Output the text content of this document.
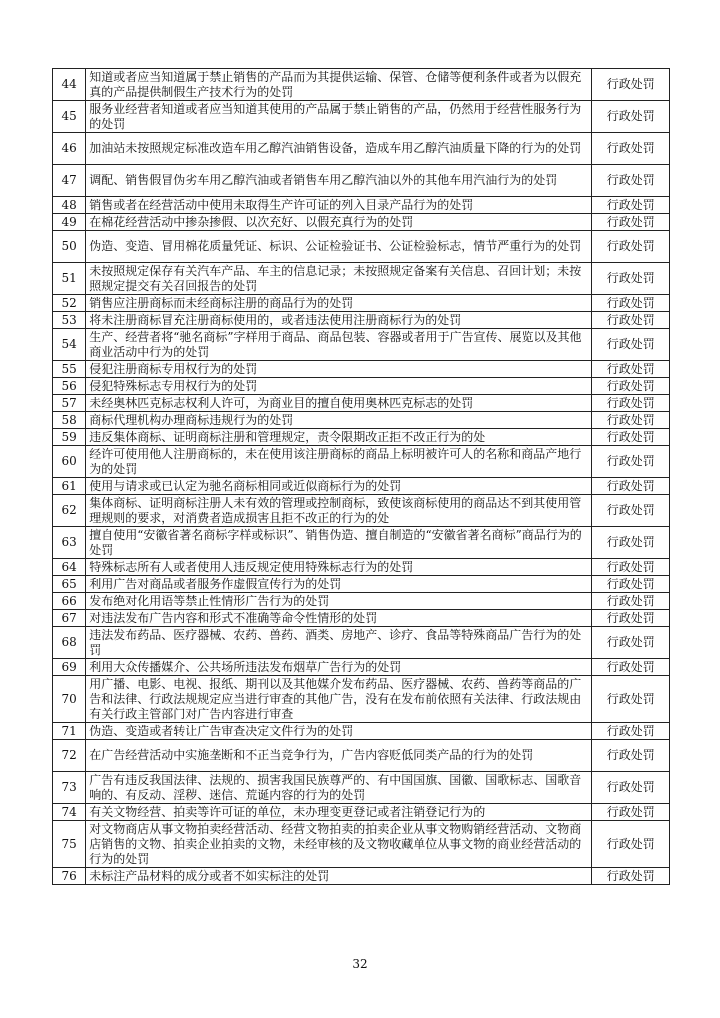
44	知道或者应当知道属于禁止销售的产品而为其提供运输、保管、仓储等便利条件或者为以假充真的产品提供制假生产技术行为的处罚	行政处罚
45	服务业经营者知道或者应当知道其使用的产品属于禁止销售的产品，仍然用于经营性服务行为的处罚	行政处罚
46	加油站未按照规定标准改造车用乙醇汽油销售设备，造成车用乙醇汽油质量下降的行为的处罚	行政处罚
47	调配、销售假冒伪劣车用乙醇汽油或者销售车用乙醇汽油以外的其他车用汽油行为的处罚	行政处罚
48	销售或者在经营活动中使用未取得生产许可证的列入目录产品行为的处罚	行政处罚
49	在棉花经营活动中掺杂掺假、以次充好、以假充真行为的处罚	行政处罚
50	伪造、变造、冒用棉花质量凭证、标识、公证检验证书、公证检验标志，情节严重行为的处罚	行政处罚
51	未按照规定保存有关汽车产品、车主的信息记录；未按照规定备案有关信息、召回计划；未按照规定提交有关召回报告的处罚	行政处罚
52	销售应注册商标而未经商标注册的商品行为的处罚	行政处罚
53	将未注册商标冒充注册商标使用的，或者违法使用注册商标行为的处罚	行政处罚
54	生产、经营者将“驰名商标”字样用于商品、商品包装、容器或者用于广告宣传、展览以及其他商业活动中行为的处罚	行政处罚
55	侵犯注册商标专用权行为的处罚	行政处罚
56	侵犯特殊标志专用权行为的处罚	行政处罚
57	未经奥林匹克标志权利人许可，为商业目的擅自使用奥林匹克标志的处罚	行政处罚
58	商标代理机构办理商标违规行为的处罚	行政处罚
59	违反集体商标、证明商标注册和管理规定，责令限期改正拒不改正行为的处	行政处罚
60	经许可使用他人注册商标的，未在使用该注册商标的商品上标明被许可人的名称和商品产地行为的处罚	行政处罚
61	使用与请求或已认定为驰名商标相同或近似商标行为的处罚	行政处罚
62	集体商标、证明商标注册人未有效的管理或控制商标，致使该商标使用的商品达不到其使用管理规则的要求，对消费者造成损害且拒不改正的行为的处	行政处罚
63	擅自使用“安徽省著名商标字样或标识”、销售伪造、擅自制造的“安徽省著名商标”商品行为的处罚	行政处罚
64	特殊标志所有人或者使用人违反规定使用特殊标志行为的处罚	行政处罚
65	利用广告对商品或者服务作虚假宣传行为的处罚	行政处罚
66	发布绝对化用语等禁止性情形广告行为的处罚	行政处罚
67	对违法发布广告内容和形式不准确等命令性情形的处罚	行政处罚
68	违法发布药品、医疗器械、农药、兽药、酒类、房地产、诊疗、食品等特殊商品广告行为的处罚	行政处罚
69	利用大众传播媒介、公共场所违法发布烟草广告行为的处罚	行政处罚
70	用广播、电影、电视、报纸、期刊以及其他媒介发布药品、医疗器械、农药、兽药等商品的广告和法律、行政法规规定应当进行审查的其他广告，没有在发布前依照有关法律、行政法规由有关行政主管部门对广告内容进行审查	行政处罚
71	伪造、变造或者转让广告审查决定文件行为的处罚	行政处罚
72	在广告经营活动中实施垄断和不正当竞争行为，广告内容贬低同类产品的行为的处罚	行政处罚
73	广告有违反我国法律、法规的、损害我国民族尊严的、有中国国旗、国徽、国歌标志、国歌音响的、有反动、淫秽、迷信、荒诞内容的行为的处罚	行政处罚
74	有关文物经营、拍卖等许可证的单位，未办理变更登记或者注销登记行为的	行政处罚
75	对文物商店从事文物拍卖经营活动、经营文物拍卖的拍卖企业从事文物购销经营活动、文物商店销售的文物、拍卖企业拍卖的文物，未经审核的及文物收藏单位从事文物的商业经营活动的行为的处罚	行政处罚
76	未标注产品材料的成分或者不如实标注的处罚	行政处罚
32
